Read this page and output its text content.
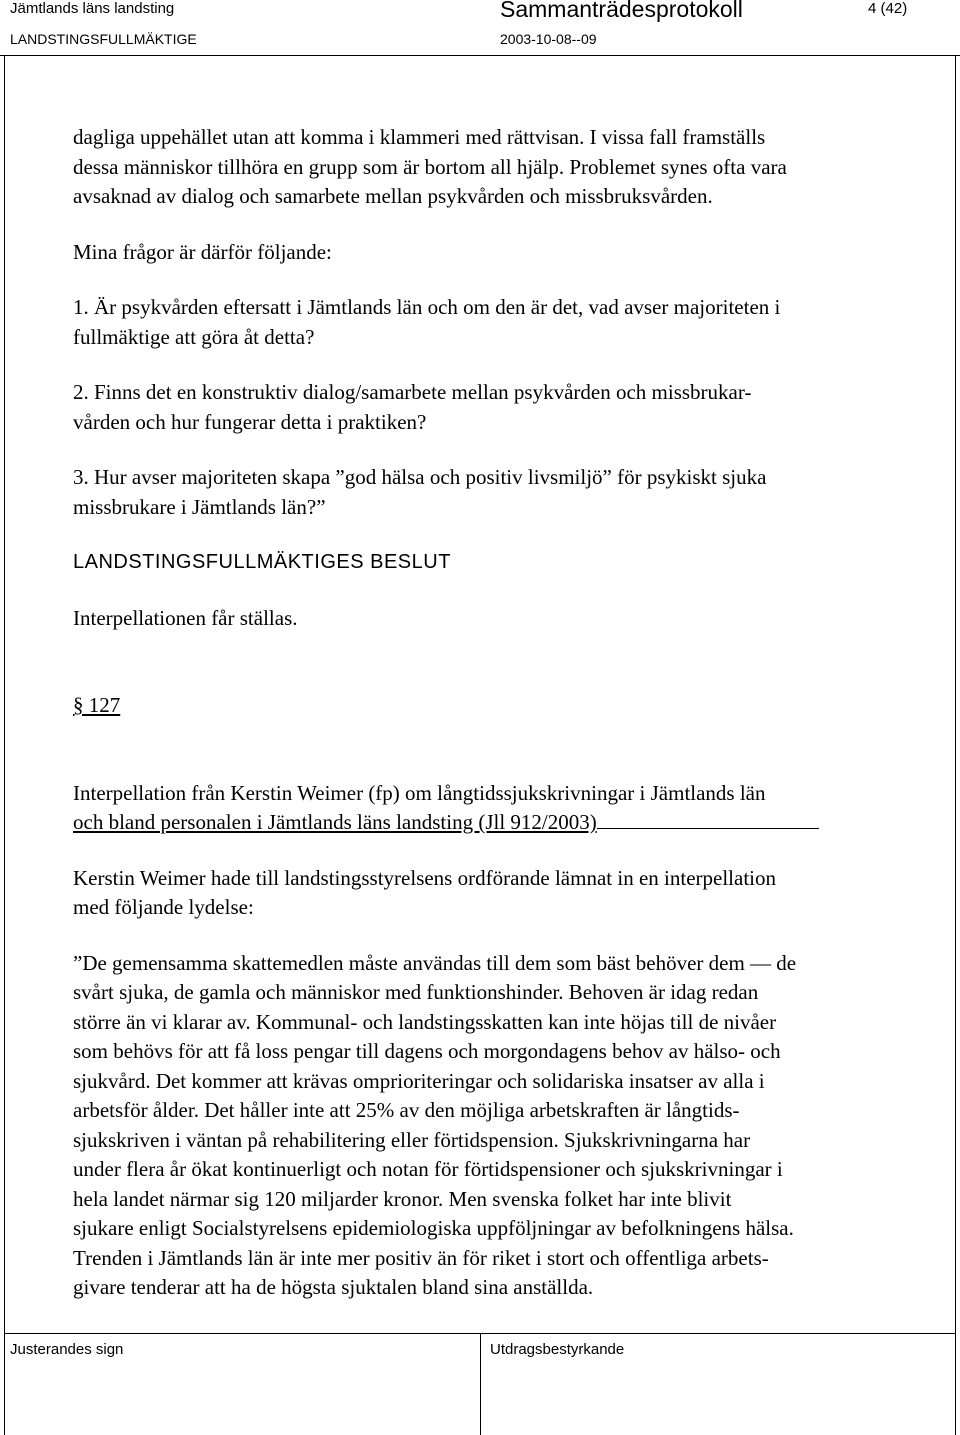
Jämtlands läns landsting	Sammanträdesprotokoll	4 (42)
LANDSTINGSFULLMÄKTIGE	2003-10-08--09

dagliga uppehället utan att komma i klammeri med rättvisan. I vissa fall framställs

dessa människor tillhöra en grupp som är bortom all hjälp. Problemet synes ofta vara

avsaknad av dialog och samarbete mellan psykvården och missbruksvården.

Mina frågor är därför följande:

1. Är psykvården eftersatt i Jämtlands län och om den är det, vad avser majoriteten i

fullmäktige att göra åt detta?

2. Finns det en konstruktiv dialog/samarbete mellan psykvården och missbrukar-

vården och hur fungerar detta i praktiken?

3. Hur avser majoriteten skapa ”god hälsa och positiv livsmiljö” för psykiskt sjuka

missbrukare i Jämtlands län?”

LANDSTINGSFULLMÄKTIGES BESLUT

Interpellationen får ställas.

§ 127

Interpellation från Kerstin Weimer (fp) om långtidssjukskrivningar i Jämtlands län

och bland personalen i Jämtlands läns landsting (Jll 912/2003)

Kerstin Weimer hade till landstingsstyrelsens ordförande lämnat in en interpellation

med följande lydelse:

”De gemensamma skattemedlen måste användas till dem som bäst behöver dem — de

svårt sjuka, de gamla och människor med funktionshinder. Behoven är idag redan

större än vi klarar av. Kommunal- och landstingsskatten kan inte höjas till de nivåer

som behövs för att få loss pengar till dagens och morgondagens behov av hälso- och

sjukvård. Det kommer att krävas omprioriteringar och solidariska insatser av alla i

arbetsför ålder. Det håller inte att 25% av den möjliga arbetskraften är långtids-

sjukskriven i väntan på rehabilitering eller förtidspension. Sjukskrivningarna har

under flera år ökat kontinuerligt och notan för förtidspensioner och sjukskrivningar i

hela landet närmar sig 120 miljarder kronor. Men svenska folket har inte blivit

sjukare enligt Socialstyrelsens epidemiologiska uppföljningar av befolkningens hälsa.

Trenden i Jämtlands län är inte mer positiv än för riket i stort och offentliga arbets-

givare tenderar att ha de högsta sjuktalen bland sina anställda.

Justerandes sign	Utdragsbestyrkande
